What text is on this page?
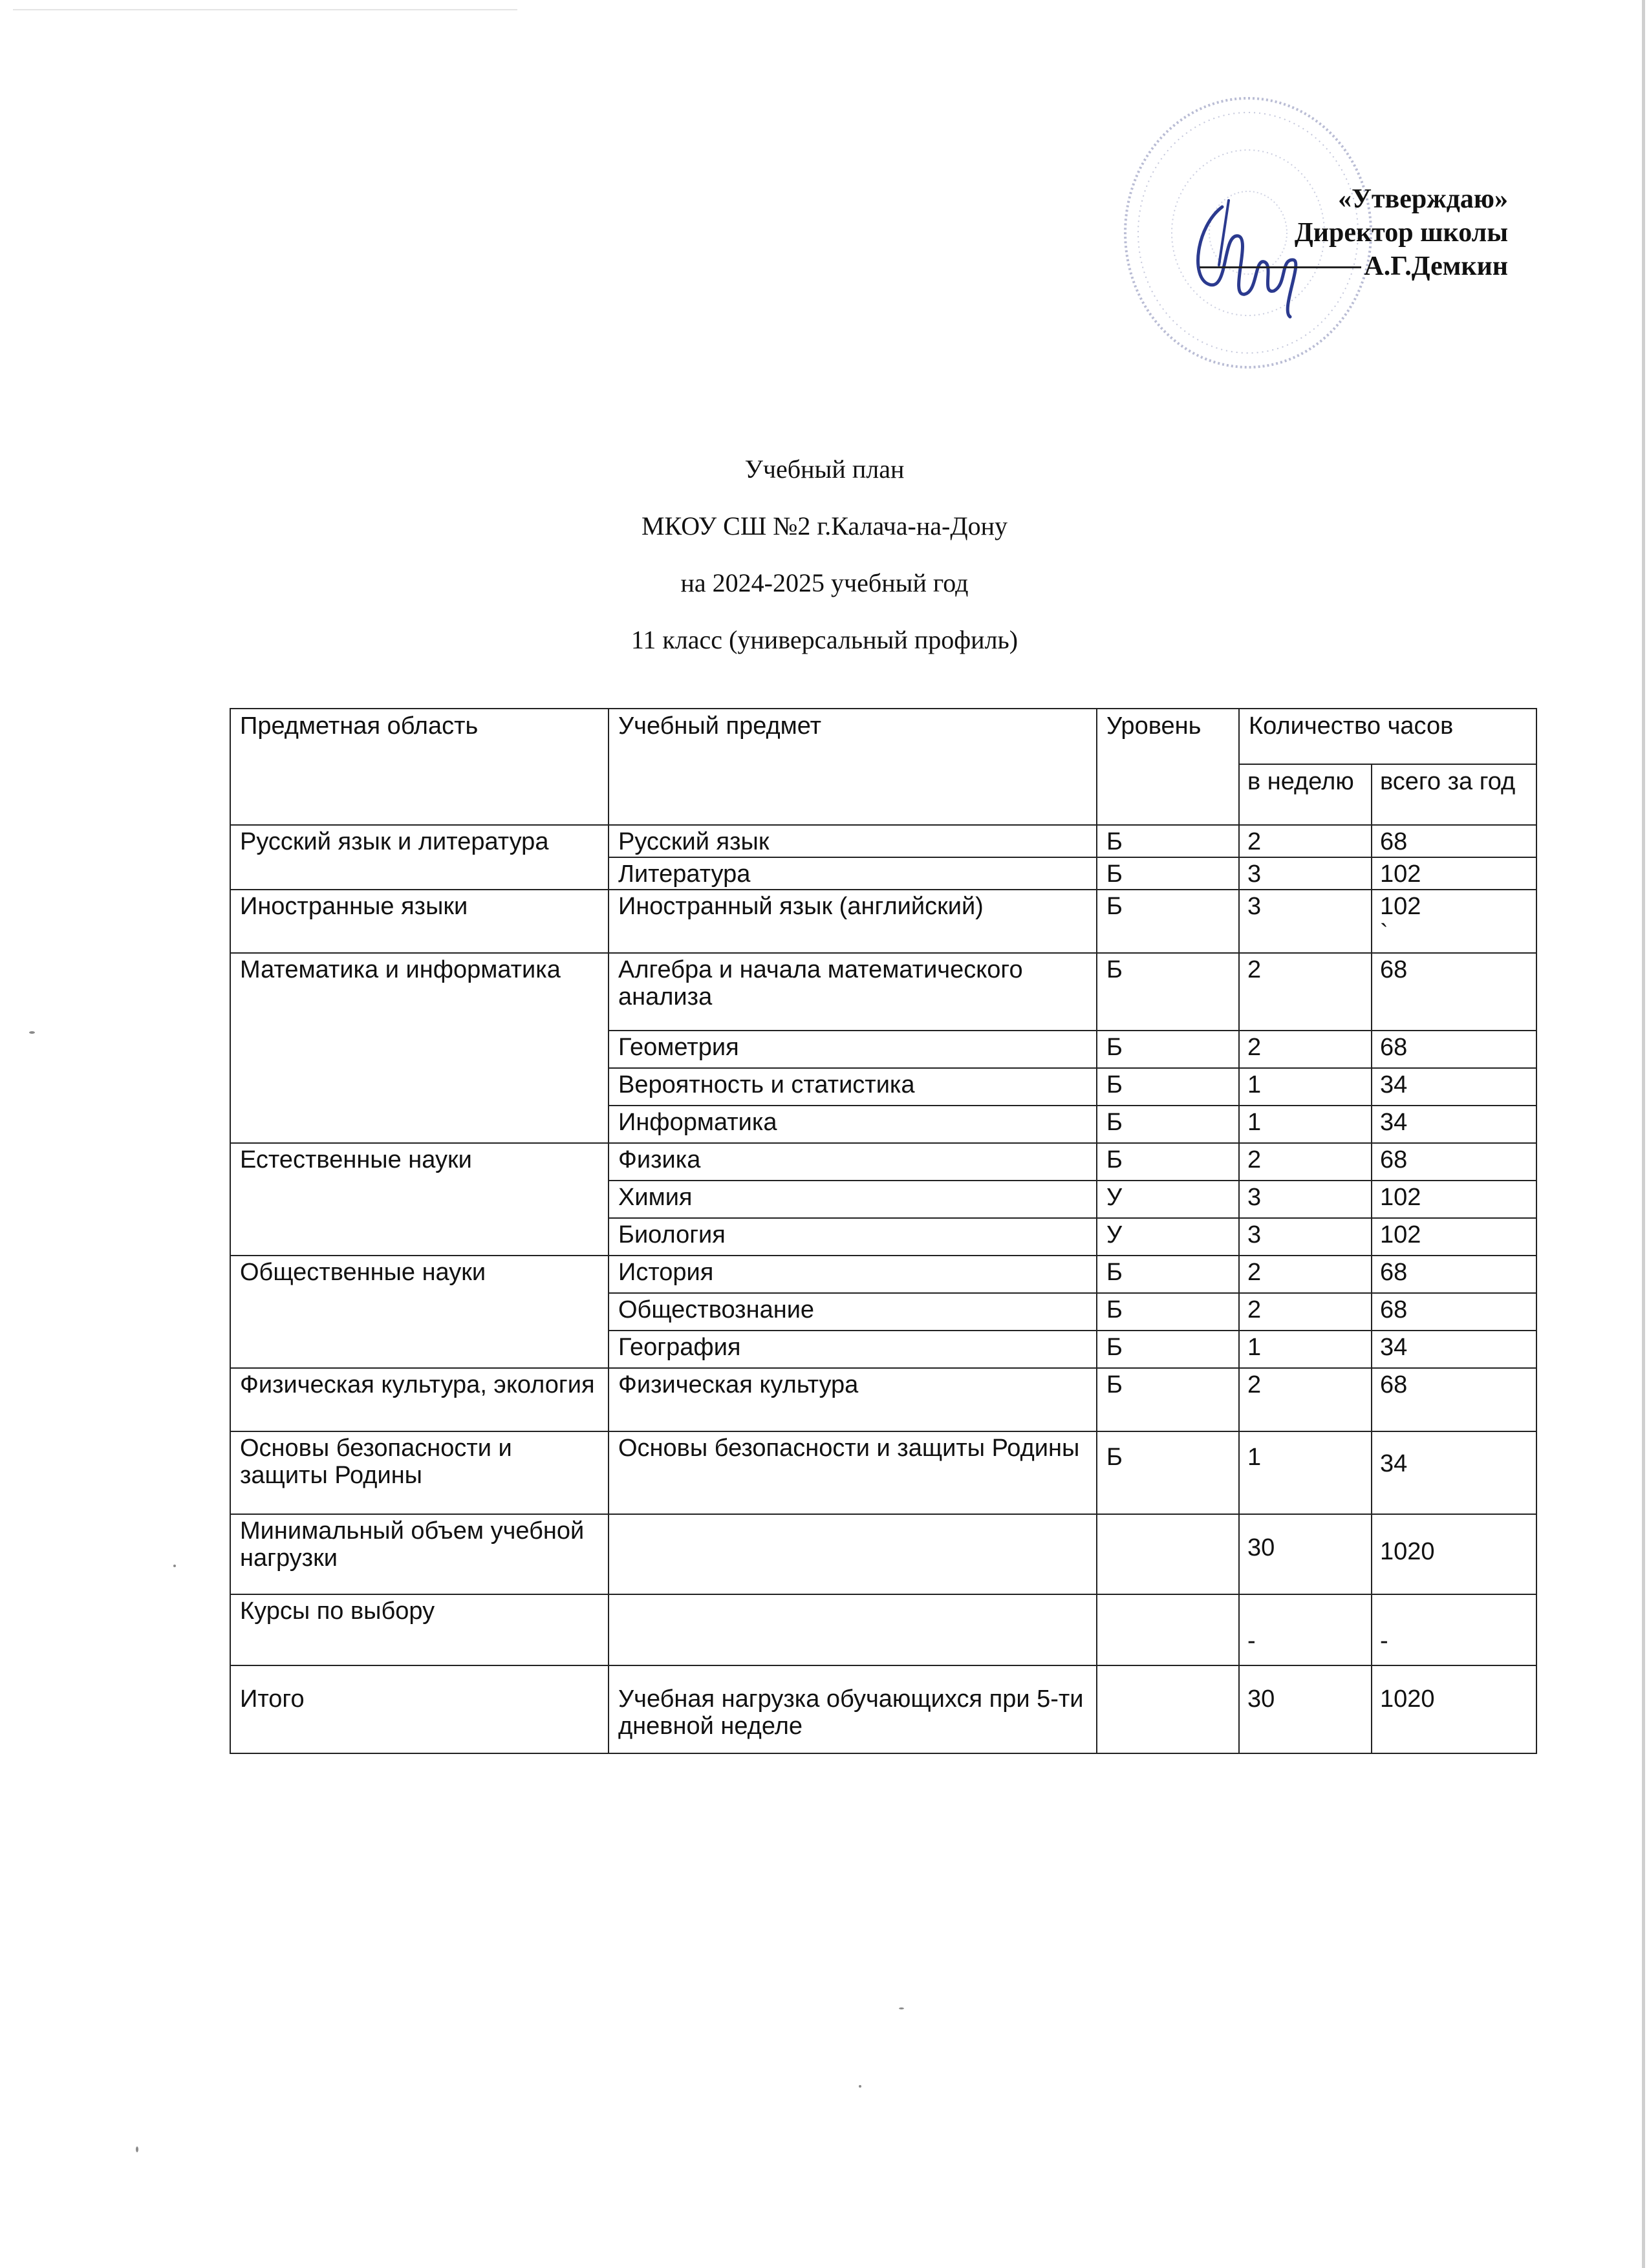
«Утверждаю»
Директор школы
А.Г.Демкин
Учебный план
МКОУ СШ №2 г.Калача-на-Дону
на 2024-2025 учебный год
11 класс (универсальный профиль)
Предметная область	Учебный предмет	Уровень	Количество часов	
			в неделю	всего за год
Русский язык и литература	Русский язык	Б	2	68
	Литература	Б	3	102
Иностранные языки	Иностранный язык (английский)	Б	3	102
`
Математика и информатика	Алгебра и начала математического анализа	Б	2	68
	Геометрия	Б	2	68
	Вероятность и статистика	Б	1	34
	Информатика	Б	1	34
Естественные науки	Физика	Б	2	68
	Химия	У	3	102
	Биология	У	3	102
Общественные науки	История	Б	2	68
	Обществознание	Б	2	68
	География	Б	1	34
Физическая культура, экология	Физическая культура	Б	2	68
Основы безопасности и защиты Родины	Основы безопасности и защиты Родины	Б	1	34
Минимальный объем учебной нагрузки			30	1020
Курсы по выбору			-	-
Итого	Учебная нагрузка обучающихся при 5-ти дневной неделе		30	1020
